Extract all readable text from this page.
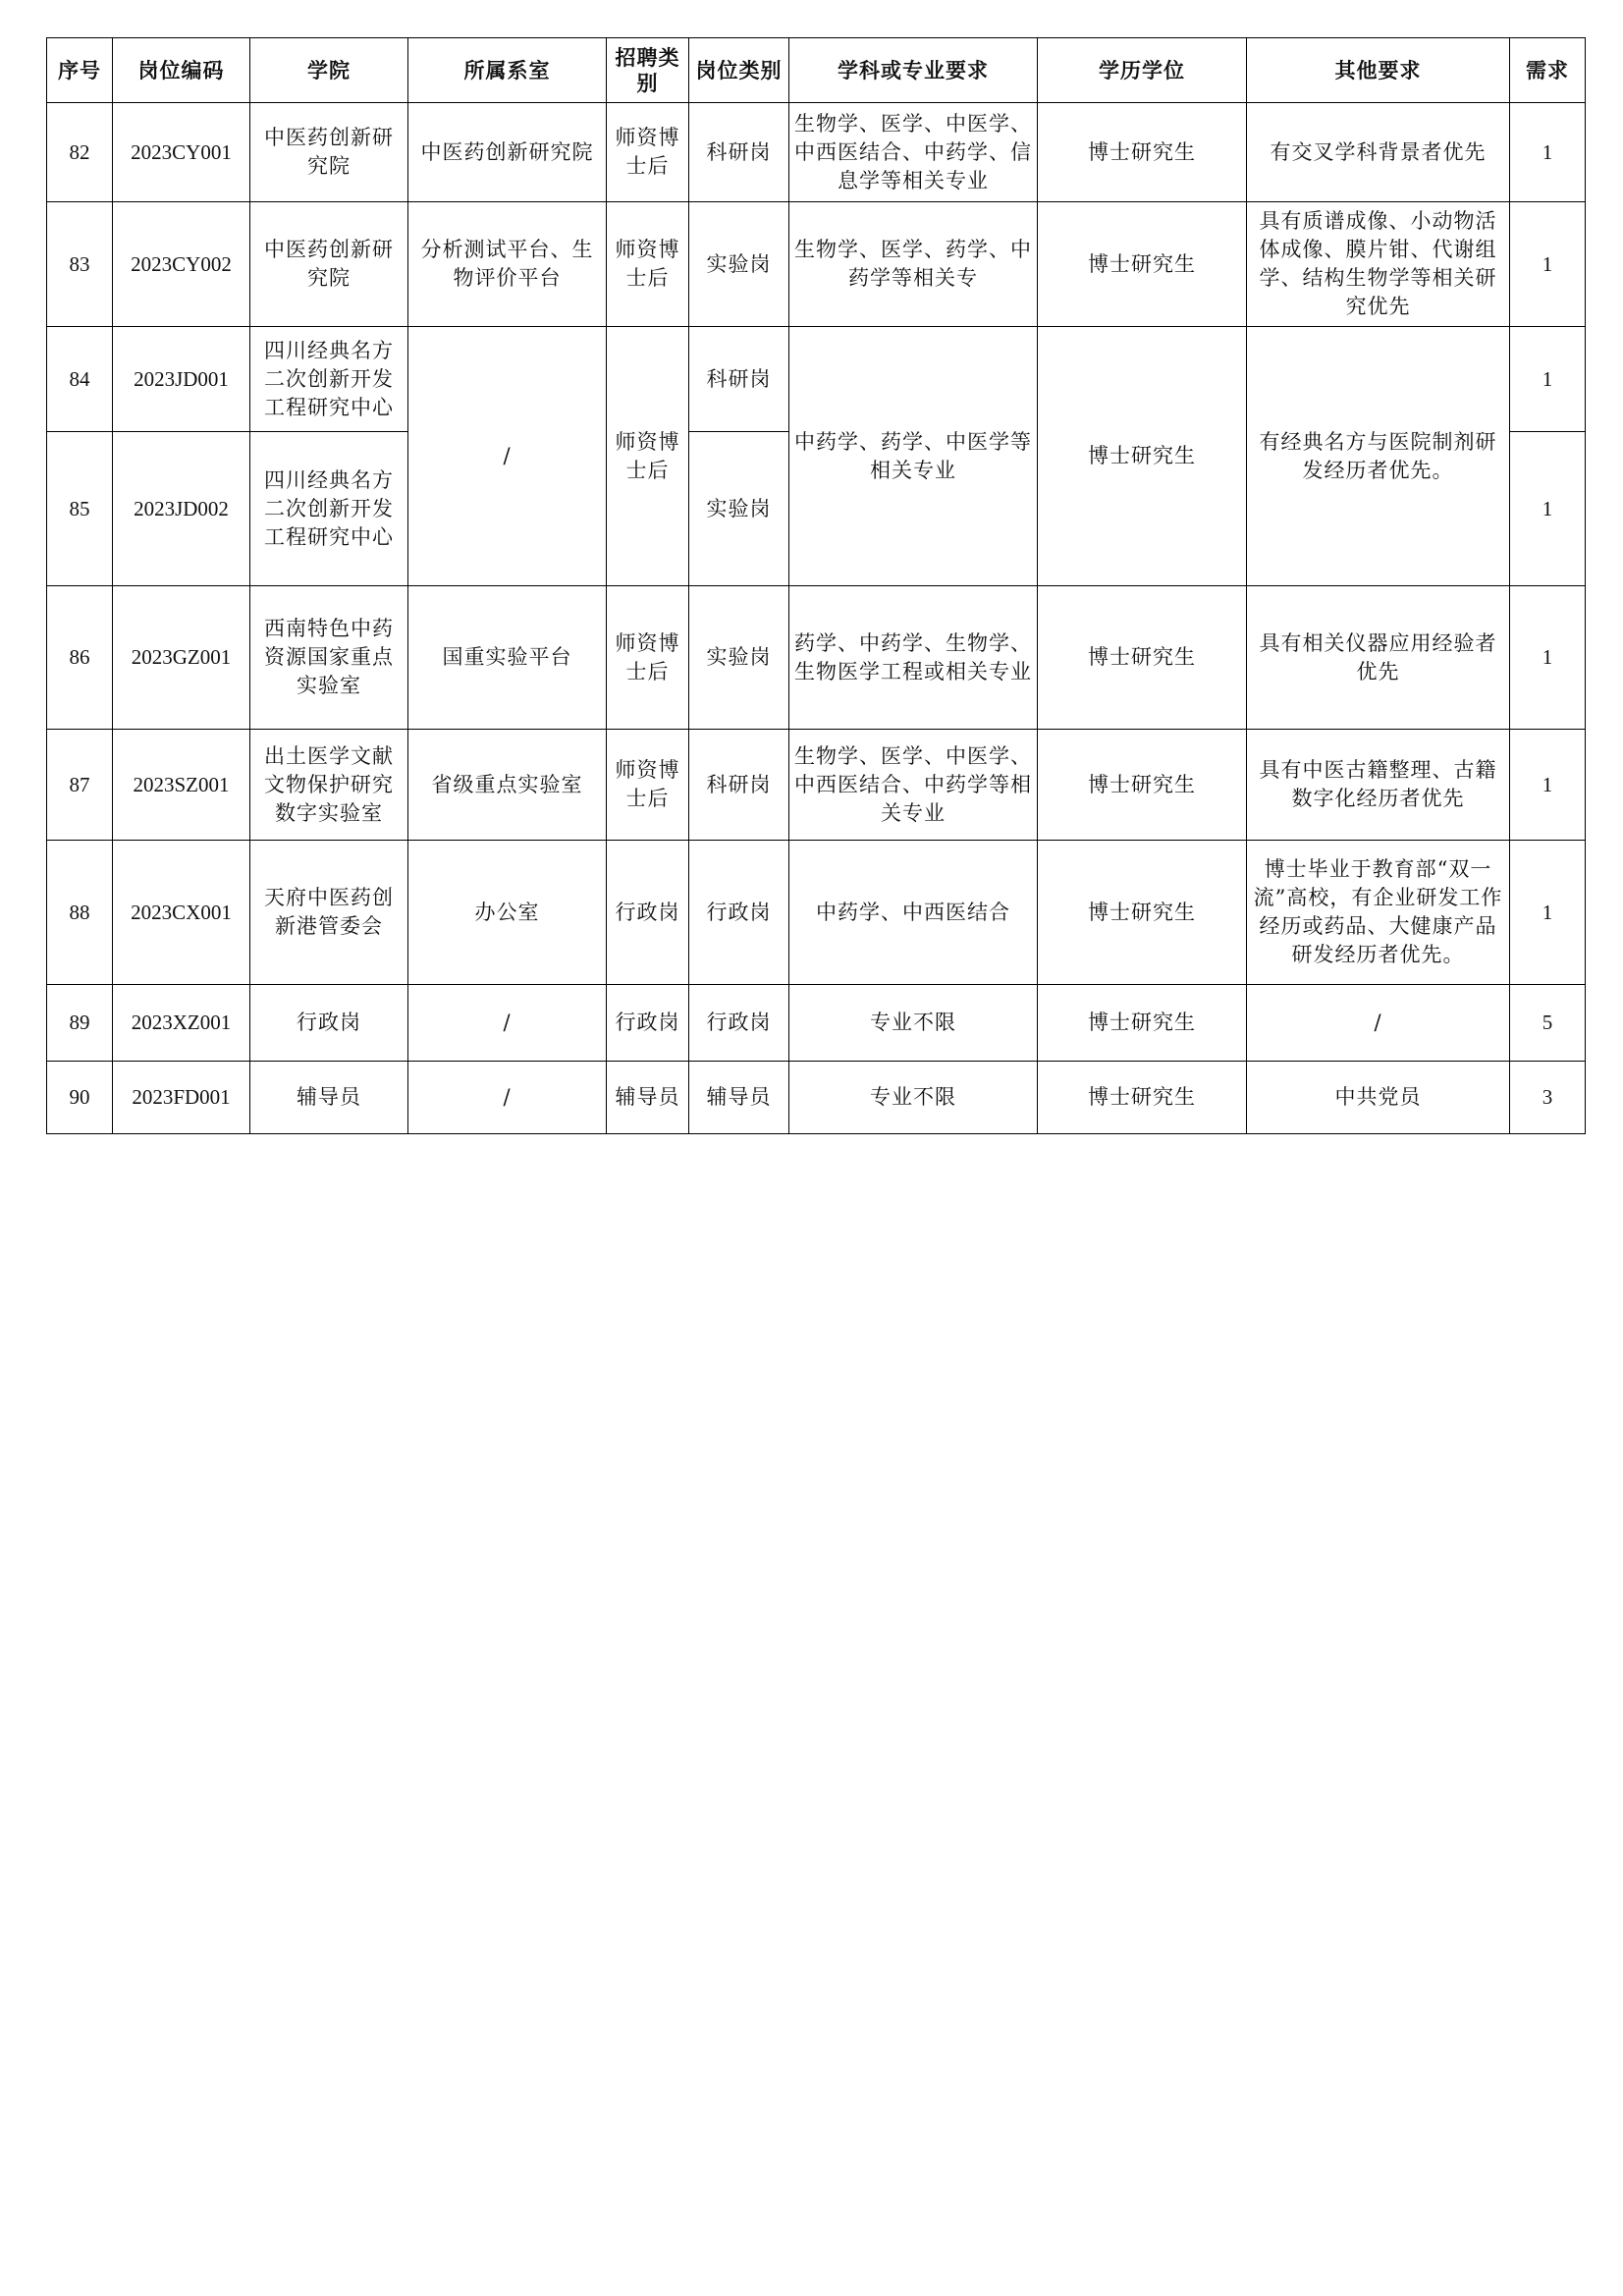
序号	岗位编码	学院	所属系室	招聘类别	岗位类别	学科或专业要求	学历学位	其他要求	需求
82	2023CY001	中医药创新研究院	中医药创新研究院	师资博士后	科研岗	生物学、医学、中医学、中西医结合、中药学、信息学等相关专业	博士研究生	有交叉学科背景者优先	1
83	2023CY002	中医药创新研究院	分析测试平台、生物评价平台	师资博士后	实验岗	生物学、医学、药学、中药学等相关专	博士研究生	具有质谱成像、小动物活体成像、膜片钳、代谢组学、结构生物学等相关研究优先	1
84	2023JD001	四川经典名方二次创新开发工程研究中心	/	师资博士后	科研岗	中药学、药学、中医学等相关专业	博士研究生	有经典名方与医院制剂研发经历者优先。	1
85	2023JD002	四川经典名方二次创新开发工程研究中心			实验岗				1
86	2023GZ001	西南特色中药资源国家重点实验室	国重实验平台	师资博士后	实验岗	药学、中药学、生物学、生物医学工程或相关专业	博士研究生	具有相关仪器应用经验者 优先	1
87	2023SZ001	出土医学文献文物保护研究数字实验室	省级重点实验室	师资博士后	科研岗	生物学、医学、中医学、中西医结合、中药学等相关专业	博士研究生	具有中医古籍整理、古籍数字化经历者优先	1
88	2023CX001	天府中医药创新港管委会	办公室	行政岗	行政岗	中药学、中西医结合	博士研究生	博士毕业于教育部“双一流”高校，有企业研发工作经历或药品、大健康产品研发经历者优先。	1
89	2023XZ001	行政岗	/	行政岗	行政岗	专业不限	博士研究生	/	5
90	2023FD001	辅导员	/	辅导员	辅导员	专业不限	博士研究生	中共党员	3
